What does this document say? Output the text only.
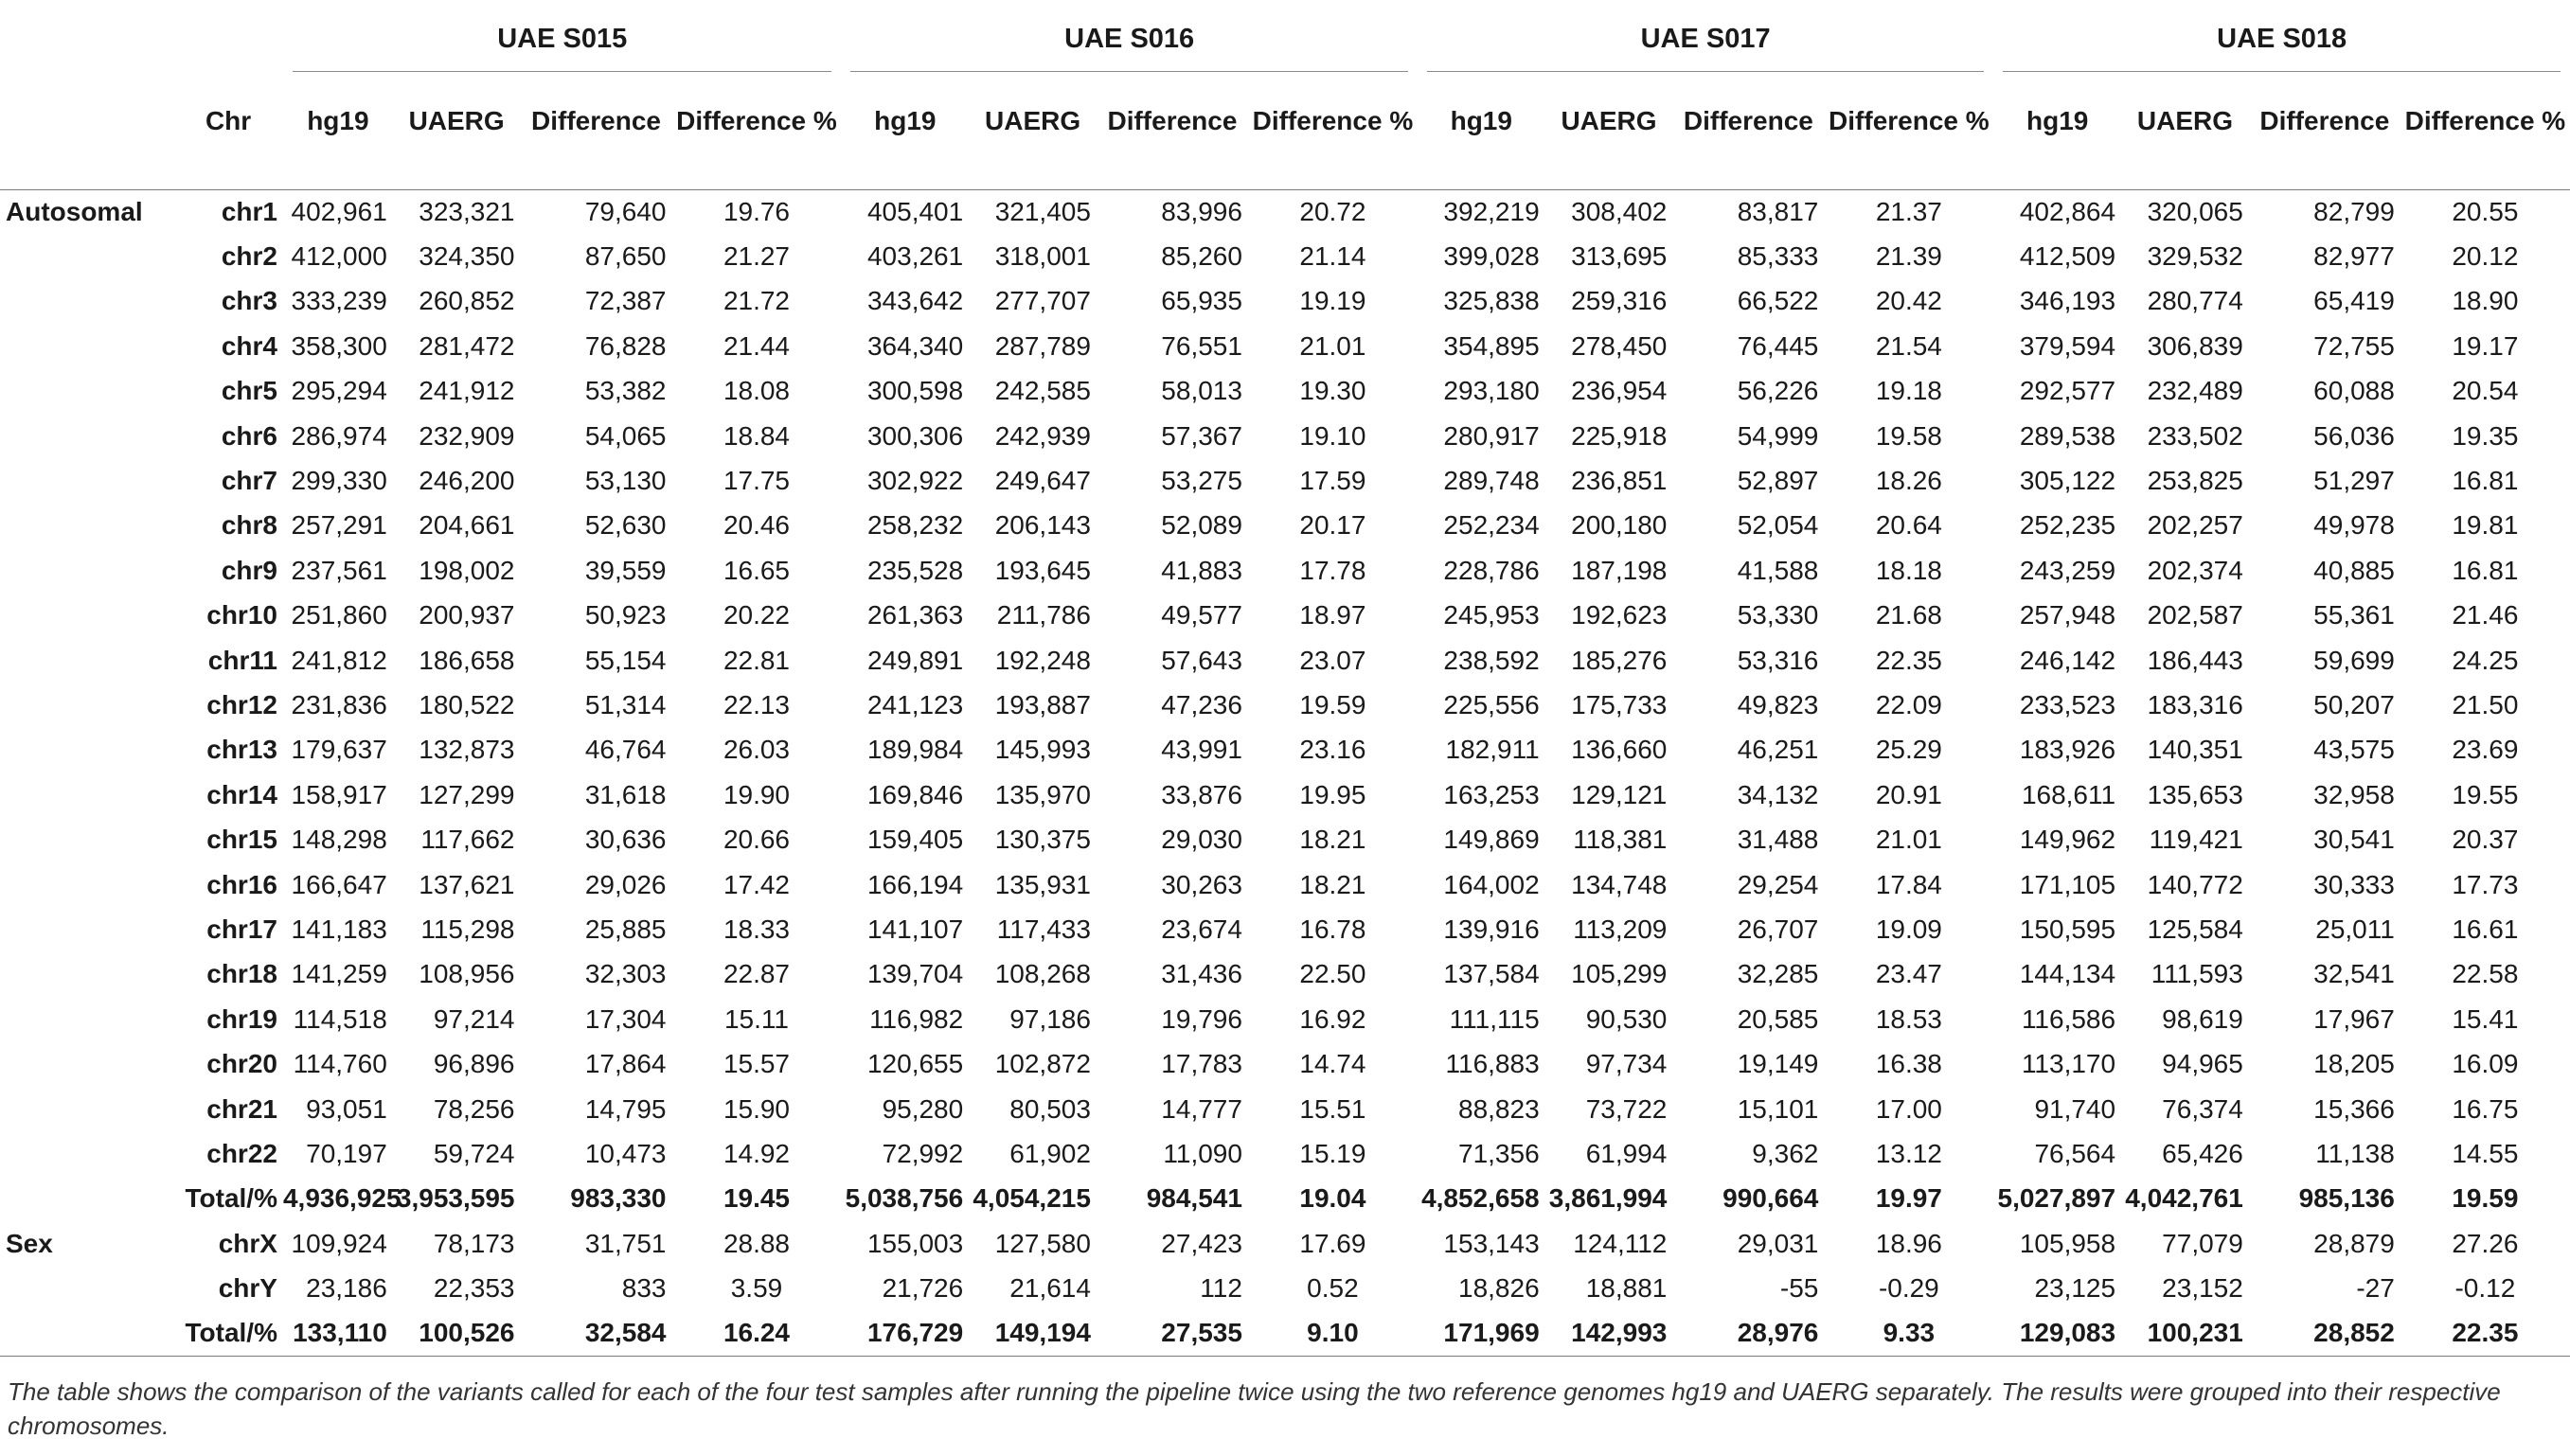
		UAE S015				UAE S016				UAE S017				UAE S018			

	Chr	hg19	UAERG	Difference	Difference %	hg19	UAERG	Difference	Difference %	hg19	UAERG	Difference	Difference %	hg19	UAERG	Difference	Difference %
Autosomal	chr1	402,961	323,321	79,640	19.76	405,401	321,405	83,996	20.72	392,219	308,402	83,817	21.37	402,864	320,065	82,799	20.55
	chr2	412,000	324,350	87,650	21.27	403,261	318,001	85,260	21.14	399,028	313,695	85,333	21.39	412,509	329,532	82,977	20.12
	chr3	333,239	260,852	72,387	21.72	343,642	277,707	65,935	19.19	325,838	259,316	66,522	20.42	346,193	280,774	65,419	18.90
	chr4	358,300	281,472	76,828	21.44	364,340	287,789	76,551	21.01	354,895	278,450	76,445	21.54	379,594	306,839	72,755	19.17
	chr5	295,294	241,912	53,382	18.08	300,598	242,585	58,013	19.30	293,180	236,954	56,226	19.18	292,577	232,489	60,088	20.54
	chr6	286,974	232,909	54,065	18.84	300,306	242,939	57,367	19.10	280,917	225,918	54,999	19.58	289,538	233,502	56,036	19.35
	chr7	299,330	246,200	53,130	17.75	302,922	249,647	53,275	17.59	289,748	236,851	52,897	18.26	305,122	253,825	51,297	16.81
	chr8	257,291	204,661	52,630	20.46	258,232	206,143	52,089	20.17	252,234	200,180	52,054	20.64	252,235	202,257	49,978	19.81
	chr9	237,561	198,002	39,559	16.65	235,528	193,645	41,883	17.78	228,786	187,198	41,588	18.18	243,259	202,374	40,885	16.81
	chr10	251,860	200,937	50,923	20.22	261,363	211,786	49,577	18.97	245,953	192,623	53,330	21.68	257,948	202,587	55,361	21.46
	chr11	241,812	186,658	55,154	22.81	249,891	192,248	57,643	23.07	238,592	185,276	53,316	22.35	246,142	186,443	59,699	24.25
	chr12	231,836	180,522	51,314	22.13	241,123	193,887	47,236	19.59	225,556	175,733	49,823	22.09	233,523	183,316	50,207	21.50
	chr13	179,637	132,873	46,764	26.03	189,984	145,993	43,991	23.16	182,911	136,660	46,251	25.29	183,926	140,351	43,575	23.69
	chr14	158,917	127,299	31,618	19.90	169,846	135,970	33,876	19.95	163,253	129,121	34,132	20.91	168,611	135,653	32,958	19.55
	chr15	148,298	117,662	30,636	20.66	159,405	130,375	29,030	18.21	149,869	118,381	31,488	21.01	149,962	119,421	30,541	20.37
	chr16	166,647	137,621	29,026	17.42	166,194	135,931	30,263	18.21	164,002	134,748	29,254	17.84	171,105	140,772	30,333	17.73
	chr17	141,183	115,298	25,885	18.33	141,107	117,433	23,674	16.78	139,916	113,209	26,707	19.09	150,595	125,584	25,011	16.61
	chr18	141,259	108,956	32,303	22.87	139,704	108,268	31,436	22.50	137,584	105,299	32,285	23.47	144,134	111,593	32,541	22.58
	chr19	114,518	97,214	17,304	15.11	116,982	97,186	19,796	16.92	111,115	90,530	20,585	18.53	116,586	98,619	17,967	15.41
	chr20	114,760	96,896	17,864	15.57	120,655	102,872	17,783	14.74	116,883	97,734	19,149	16.38	113,170	94,965	18,205	16.09
	chr21	93,051	78,256	14,795	15.90	95,280	80,503	14,777	15.51	88,823	73,722	15,101	17.00	91,740	76,374	15,366	16.75
	chr22	70,197	59,724	10,473	14.92	72,992	61,902	11,090	15.19	71,356	61,994	9,362	13.12	76,564	65,426	11,138	14.55
	Total/%	4,936,925	3,953,595	983,330	19.45	5,038,756	4,054,215	984,541	19.04	4,852,658	3,861,994	990,664	19.97	5,027,897	4,042,761	985,136	19.59
Sex	chrX	109,924	78,173	31,751	28.88	155,003	127,580	27,423	17.69	153,143	124,112	29,031	18.96	105,958	77,079	28,879	27.26
	chrY	23,186	22,353	833	3.59	21,726	21,614	112	0.52	18,826	18,881	-55	-0.29	23,125	23,152	-27	-0.12
	Total/%	133,110	100,526	32,584	16.24	176,729	149,194	27,535	9.10	171,969	142,993	28,976	9.33	129,083	100,231	28,852	22.35
The table shows the comparison of the variants called for each of the four test samples after running the pipeline twice using the two reference genomes hg19 and UAERG separately. The results were grouped into their respective chromosomes.
